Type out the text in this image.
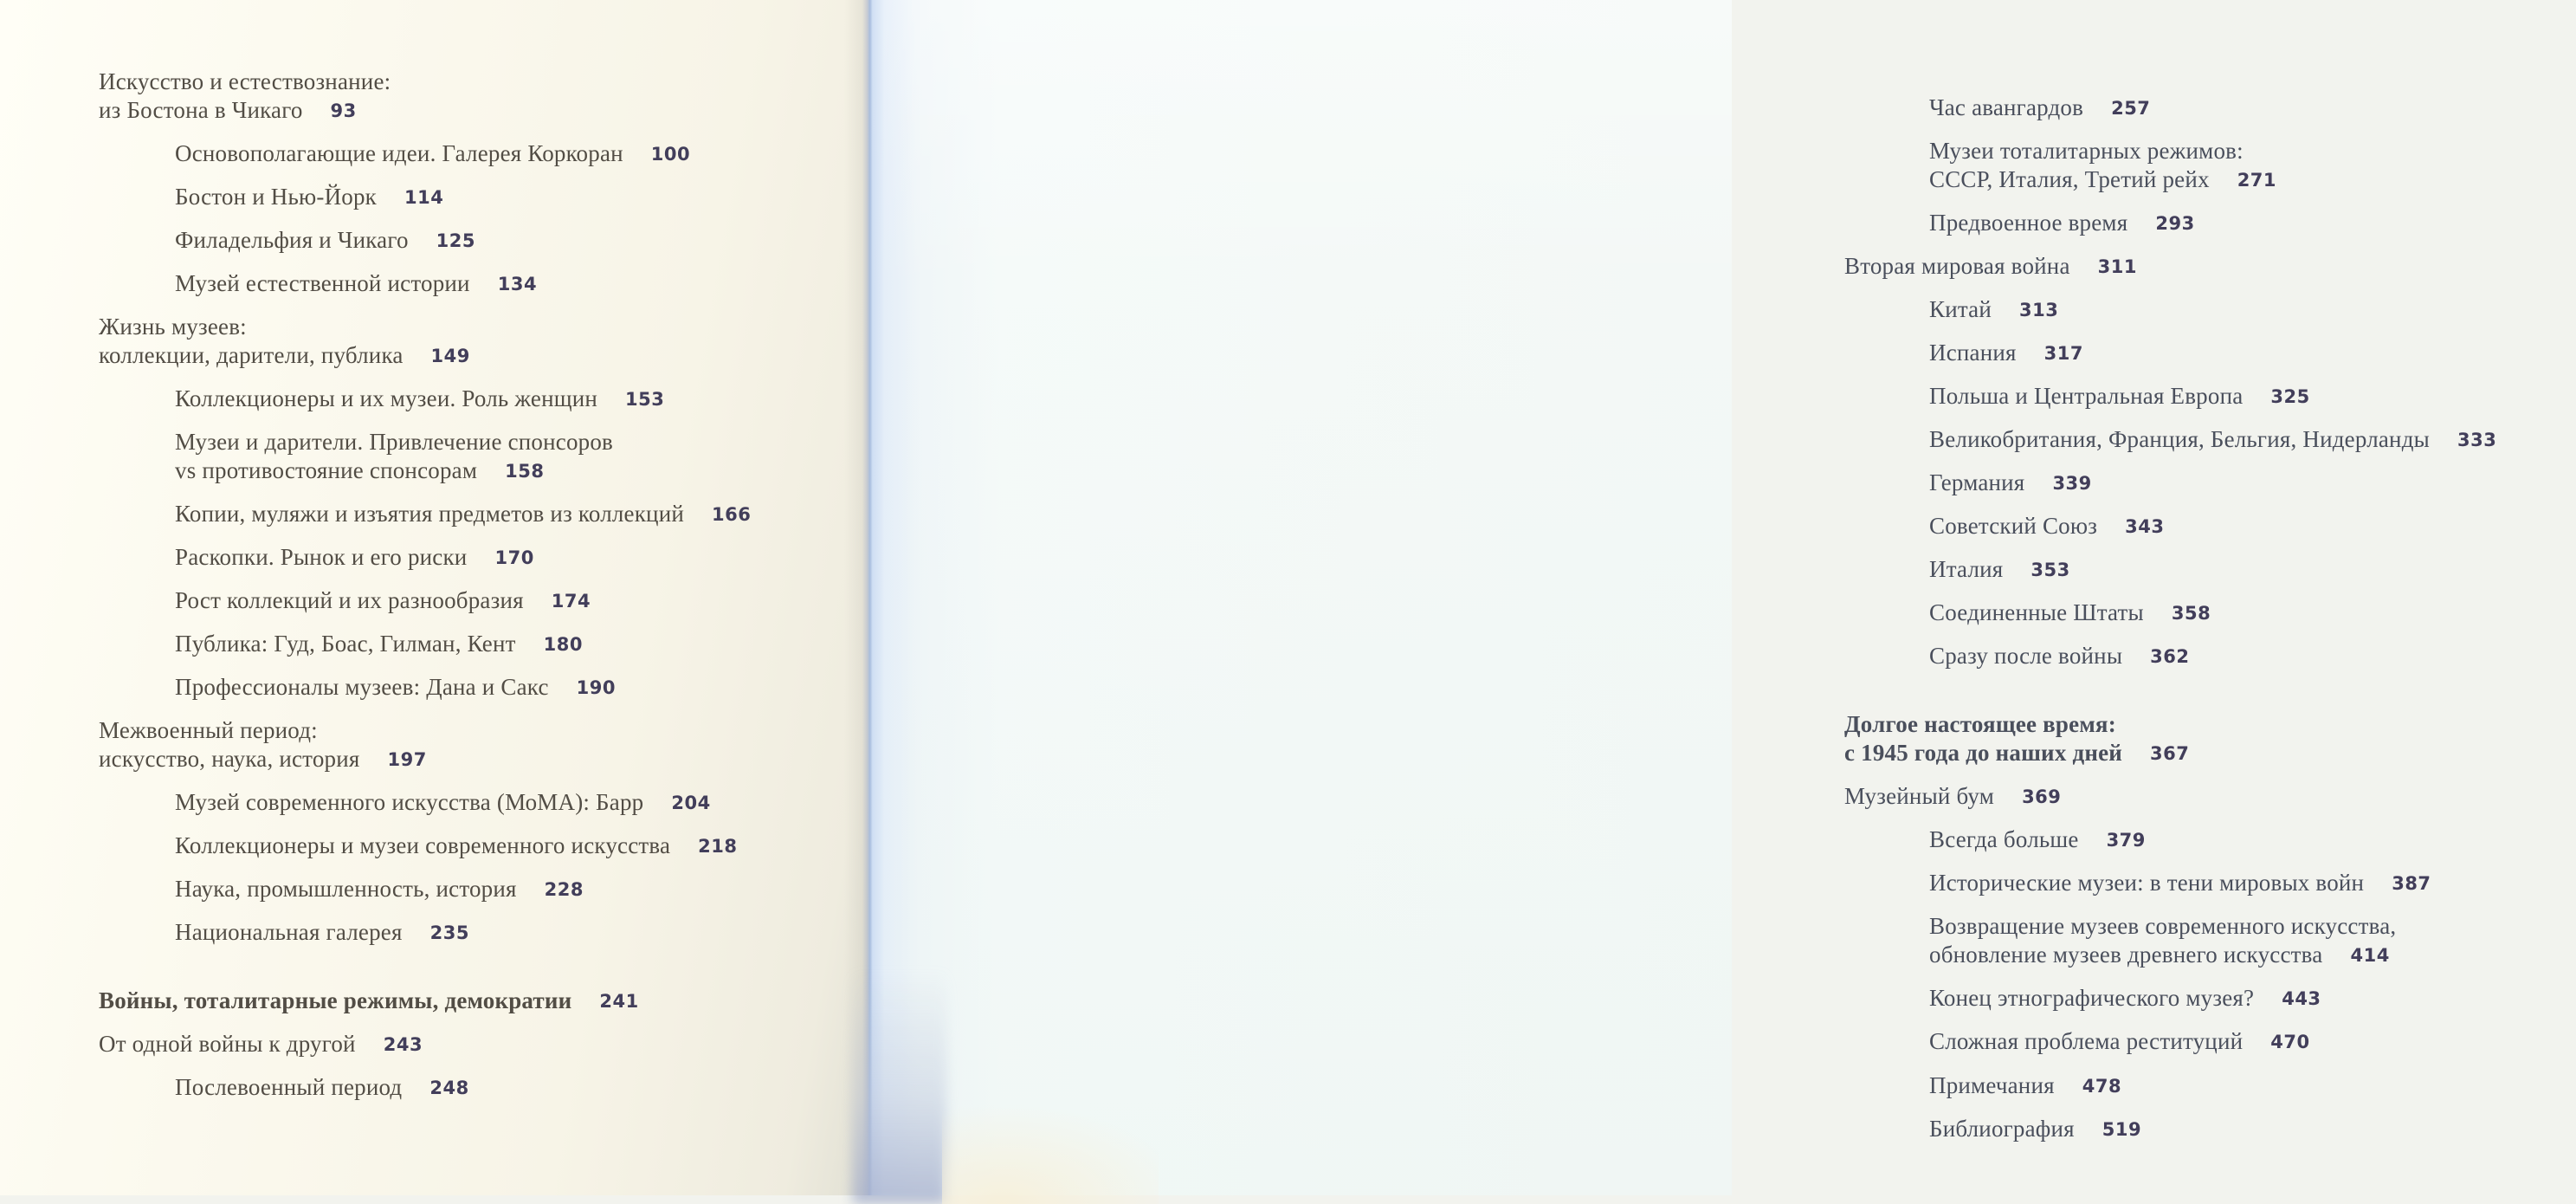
Искусство и естествознание:
из Бостона в Чикаго 93
Основополагающие идеи. Галерея Коркоран 100
Бостон и Нью-Йорк 114
Филадельфия и Чикаго 125
Музей естественной истории 134
Жизнь музеев:
коллекции, дарители, публика 149
Коллекционеры и их музеи. Роль женщин 153
Музеи и дарители. Привлечение спонсоров
vs противостояние спонсорам 158
Копии, муляжи и изъятия предметов из коллекций 166
Раскопки. Рынок и его риски 170
Рост коллекций и их разнообразия 174
Публика: Гуд, Боас, Гилман, Кент 180
Профессионалы музеев: Дана и Сакс 190
Межвоенный период:
искусство, наука, история 197
Музей современного искусства (МоМА): Барр 204
Коллекционеры и музеи современного искусства 218
Наука, промышленность, история 228
Национальная галерея 235
Войны, тоталитарные режимы, демократии 241
От одной войны к другой 243
Послевоенный период 248
Час авангардов 257
Музеи тоталитарных режимов:
СССР, Италия, Третий рейх 271
Предвоенное время 293
Вторая мировая война 311
Китай 313
Испания 317
Польша и Центральная Европа 325
Великобритания, Франция, Бельгия, Нидерланды 333
Германия 339
Советский Союз 343
Италия 353
Соединенные Штаты 358
Сразу после войны 362
Долгое настоящее время:
с 1945 года до наших дней 367
Музейный бум 369
Всегда больше 379
Исторические музеи: в тени мировых войн 387
Возвращение музеев современного искусства,
обновление музеев древнего искусства 414
Конец этнографического музея? 443
Сложная проблема реституций 470
Примечания 478
Библиография 519
